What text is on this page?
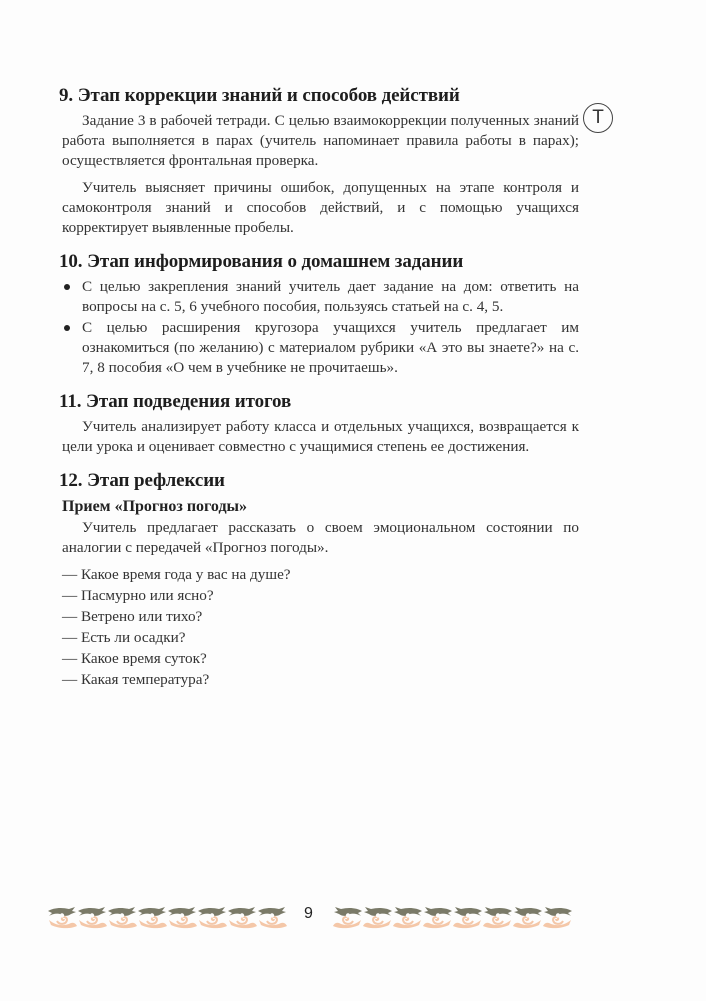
T
9. Этап коррекции знаний и способов действий

Задание 3 в рабочей тетради. С целью взаимокоррекции полученных знаний работа выполняется в парах (учитель напоминает правила работы в парах); осуществляется фронтальная проверка.

Учитель выясняет причины ошибок, допущенных на этапе контроля и самоконтроля знаний и способов действий, и с помощью учащихся корректирует выявленные пробелы.

10. Этап информирования о домашнем задании
С целью закрепления знаний учитель дает задание на дом: ответить на вопросы на с. 5, 6 учебного пособия, пользуясь статьей на с. 4, 5.
С целью расширения кругозора учащихся учитель предлагает им ознакомиться (по желанию) с материалом рубрики «А это вы знаете?» на с. 7, 8 пособия «О чем в учебнике не прочитаешь».
11. Этап подведения итогов

Учитель анализирует работу класса и отдельных учащихся, возвращается к цели урока и оценивает совместно с учащимися степень ее достижения.

12. Этап рефлексии
Прием «Прогноз погоды»

Учитель предлагает рассказать о своем эмоциональном состоянии по аналогии с передачей «Прогноз погоды».

— Какое время года у вас на душе?
— Пасмурно или ясно?
— Ветрено или тихо?
— Есть ли осадки?
— Какое время суток?
— Какая температура?
9
